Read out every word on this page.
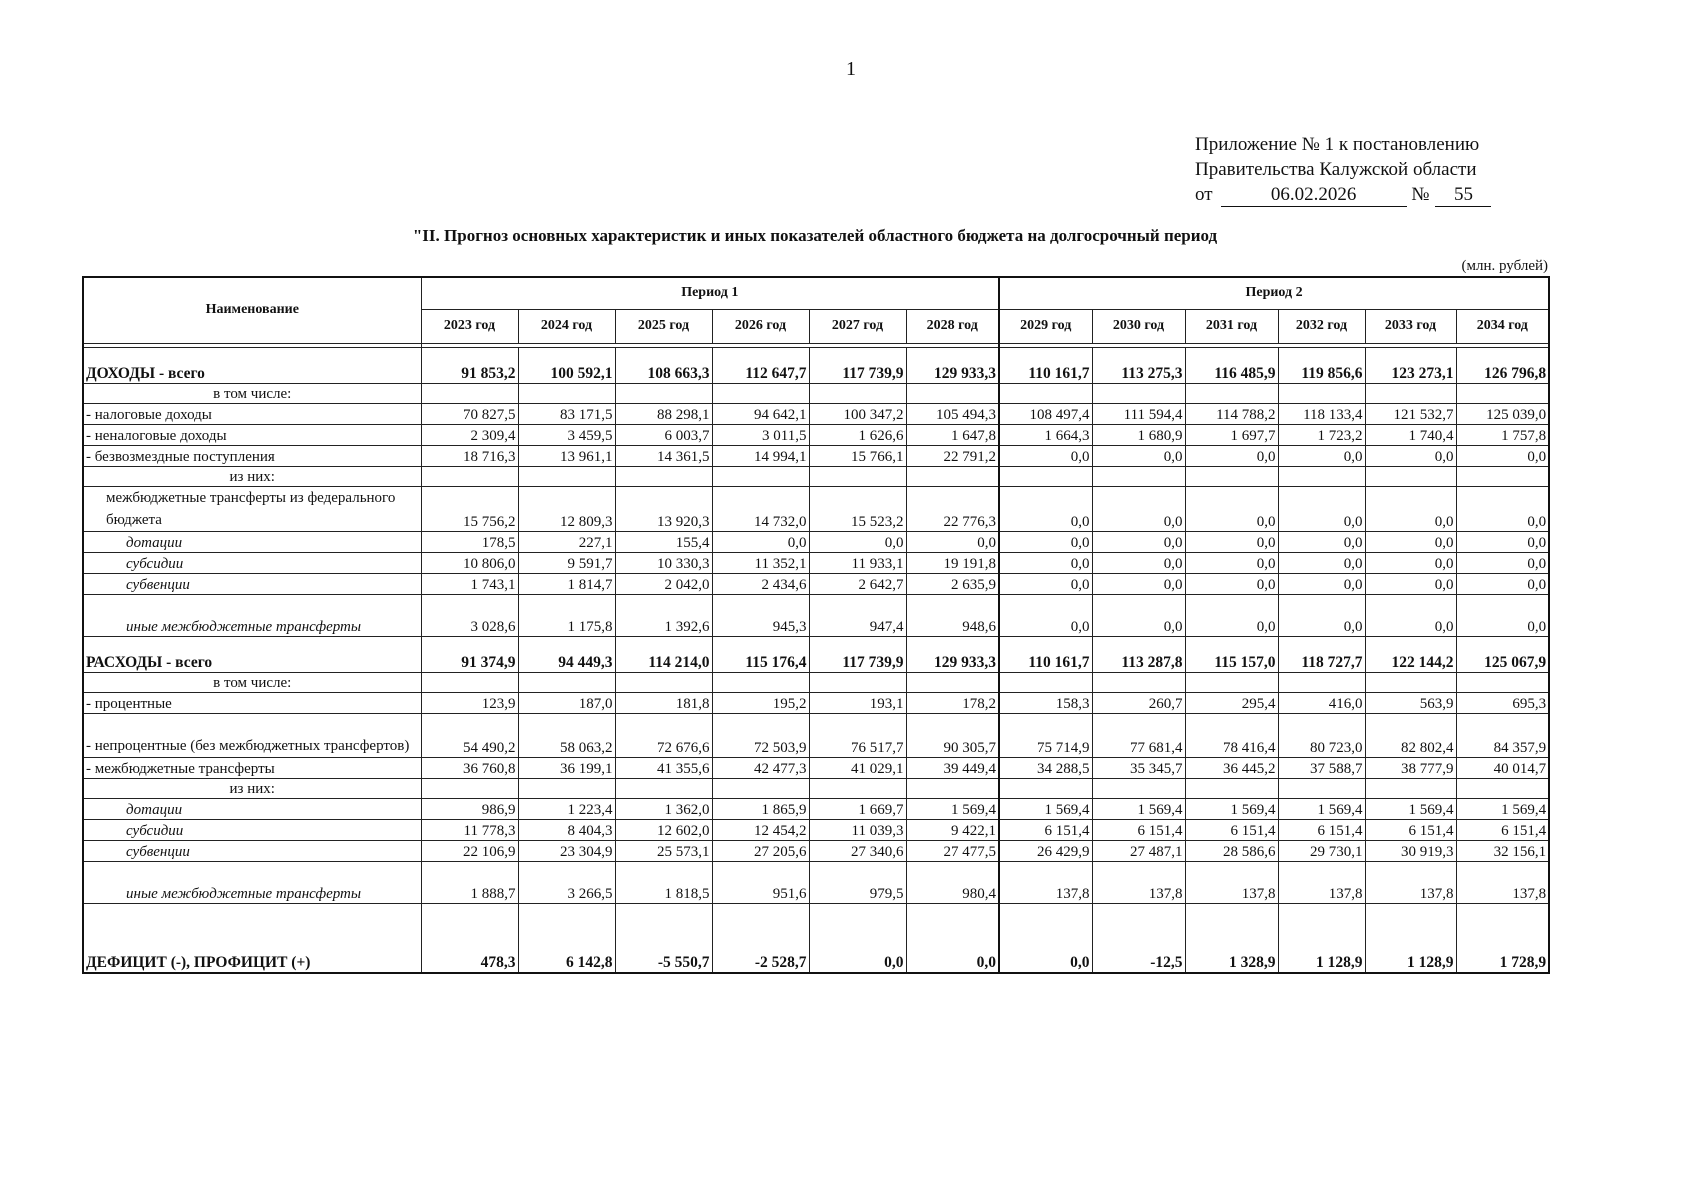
1
Приложение № 1 к постановлению
Правительства Калужской области
от	06.02.2026	№ 55
"II. Прогноз основных характеристик и иных показателей областного бюджета на долгосрочный период
(млн. рублей)
Наименование	Период 1						Период 2					
	2023 год	2024 год	2025 год	2026 год	2027 год	2028 год	2029 год	2030 год	2031 год	2032 год	2033 год	2034 год

ДОХОДЫ - всего	91 853,2	100 592,1	108 663,3	112 647,7	117 739,9	129 933,3	110 161,7	113 275,3	116 485,9	119 856,6	123 273,1	126 796,8
в том числе:												
- налоговые доходы	70 827,5	83 171,5	88 298,1	94 642,1	100 347,2	105 494,3	108 497,4	111 594,4	114 788,2	118 133,4	121 532,7	125 039,0
- неналоговые доходы	2 309,4	3 459,5	6 003,7	3 011,5	1 626,6	1 647,8	1 664,3	1 680,9	1 697,7	1 723,2	1 740,4	1 757,8
- безвозмездные поступления	18 716,3	13 961,1	14 361,5	14 994,1	15 766,1	22 791,2	0,0	0,0	0,0	0,0	0,0	0,0
из них:												
межбюджетные трансферты из федерального бюджета	15 756,2	12 809,3	13 920,3	14 732,0	15 523,2	22 776,3	0,0	0,0	0,0	0,0	0,0	0,0
дотации	178,5	227,1	155,4	0,0	0,0	0,0	0,0	0,0	0,0	0,0	0,0	0,0
субсидии	10 806,0	9 591,7	10 330,3	11 352,1	11 933,1	19 191,8	0,0	0,0	0,0	0,0	0,0	0,0
субвенции	1 743,1	1 814,7	2 042,0	2 434,6	2 642,7	2 635,9	0,0	0,0	0,0	0,0	0,0	0,0
иные межбюджетные трансферты	3 028,6	1 175,8	1 392,6	945,3	947,4	948,6	0,0	0,0	0,0	0,0	0,0	0,0
РАСХОДЫ - всего	91 374,9	94 449,3	114 214,0	115 176,4	117 739,9	129 933,3	110 161,7	113 287,8	115 157,0	118 727,7	122 144,2	125 067,9
в том числе:												
- процентные	123,9	187,0	181,8	195,2	193,1	178,2	158,3	260,7	295,4	416,0	563,9	695,3
- непроцентные (без межбюджетных трансфертов)	54 490,2	58 063,2	72 676,6	72 503,9	76 517,7	90 305,7	75 714,9	77 681,4	78 416,4	80 723,0	82 802,4	84 357,9
- межбюджетные трансферты	36 760,8	36 199,1	41 355,6	42 477,3	41 029,1	39 449,4	34 288,5	35 345,7	36 445,2	37 588,7	38 777,9	40 014,7
из них:												
дотации	986,9	1 223,4	1 362,0	1 865,9	1 669,7	1 569,4	1 569,4	1 569,4	1 569,4	1 569,4	1 569,4	1 569,4
субсидии	11 778,3	8 404,3	12 602,0	12 454,2	11 039,3	9 422,1	6 151,4	6 151,4	6 151,4	6 151,4	6 151,4	6 151,4
субвенции	22 106,9	23 304,9	25 573,1	27 205,6	27 340,6	27 477,5	26 429,9	27 487,1	28 586,6	29 730,1	30 919,3	32 156,1
иные межбюджетные трансферты	1 888,7	3 266,5	1 818,5	951,6	979,5	980,4	137,8	137,8	137,8	137,8	137,8	137,8
ДЕФИЦИТ (-), ПРОФИЦИТ (+)	478,3	6 142,8	-5 550,7	-2 528,7	0,0	0,0	0,0	-12,5	1 328,9	1 128,9	1 128,9	1 728,9
